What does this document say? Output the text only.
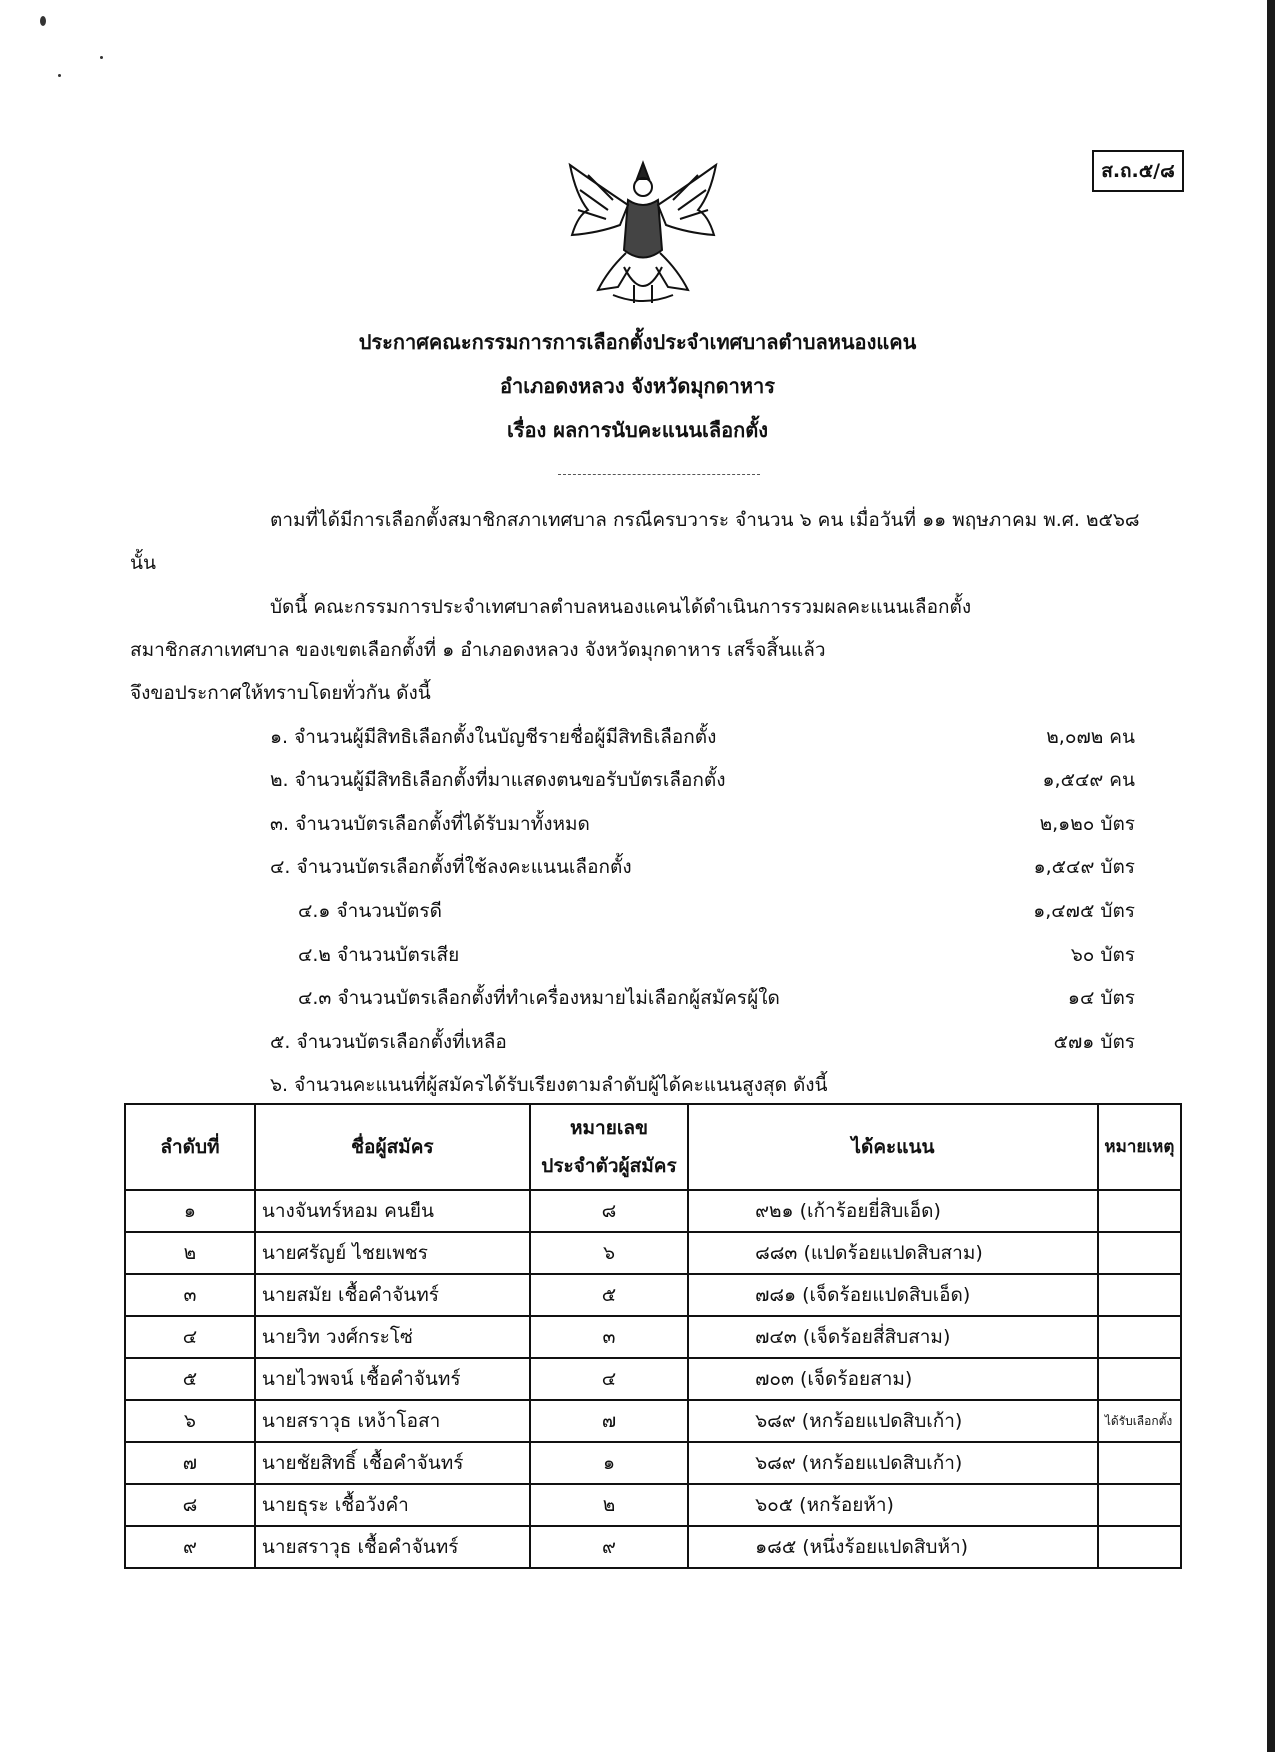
ส.ถ.๕/๘
ประกาศคณะกรรมการการเลือกตั้งประจำเทศบาลตำบลหนองแคน
อำเภอดงหลวง จังหวัดมุกดาหาร
เรื่อง ผลการนับคะแนนเลือกตั้ง
ตามที่ได้มีการเลือกตั้งสมาชิกสภาเทศบาล กรณีครบวาระ จำนวน ๖ คน เมื่อวันที่ ๑๑ พฤษภาคม พ.ศ. ๒๕๖๘
นั้น
บัดนี้ คณะกรรมการประจำเทศบาลตำบลหนองแคนได้ดำเนินการรวมผลคะแนนเลือกตั้ง
สมาชิกสภาเทศบาล ของเขตเลือกตั้งที่ ๑ อำเภอดงหลวง จังหวัดมุกดาหาร เสร็จสิ้นแล้ว
จึงขอประกาศให้ทราบโดยทั่วกัน ดังนี้
๑. จำนวนผู้มีสิทธิเลือกตั้งในบัญชีรายชื่อผู้มีสิทธิเลือกตั้ง	๒,๐๗๒ คน
๒. จำนวนผู้มีสิทธิเลือกตั้งที่มาแสดงตนขอรับบัตรเลือกตั้ง	๑,๕๔๙ คน
๓. จำนวนบัตรเลือกตั้งที่ได้รับมาทั้งหมด	๒,๑๒๐ บัตร
๔. จำนวนบัตรเลือกตั้งที่ใช้ลงคะแนนเลือกตั้ง	๑,๕๔๙ บัตร
๔.๑ จำนวนบัตรดี	๑,๔๗๕ บัตร
๔.๒ จำนวนบัตรเสีย	๖๐ บัตร
๔.๓ จำนวนบัตรเลือกตั้งที่ทำเครื่องหมายไม่เลือกผู้สมัครผู้ใด	๑๔ บัตร
๕. จำนวนบัตรเลือกตั้งที่เหลือ	๕๗๑ บัตร
๖. จำนวนคะแนนที่ผู้สมัครได้รับเรียงตามลำดับผู้ได้คะแนนสูงสุด ดังนี้
ลำดับที่	ชื่อผู้สมัคร	หมายเลข
ประจำตัวผู้สมัคร	ได้คะแนน	หมายเหตุ
๑	นางจันทร์หอม คนยืน	๘	๙๒๑ (เก้าร้อยยี่สิบเอ็ด)	
๒	นายศรัญย์ ไชยเพชร	๖	๘๘๓ (แปดร้อยแปดสิบสาม)	
๓	นายสมัย เชื้อคำจันทร์	๕	๗๘๑ (เจ็ดร้อยแปดสิบเอ็ด)	
๔	นายวิท วงศ์กระโซ่	๓	๗๔๓ (เจ็ดร้อยสี่สิบสาม)	
๕	นายไวพจน์ เชื้อคำจันทร์	๔	๗๐๓ (เจ็ดร้อยสาม)	
๖	นายสราวุธ เหง้าโอสา	๗	๖๘๙ (หกร้อยแปดสิบเก้า)	ได้รับเลือกตั้ง
๗	นายชัยสิทธิ์ เชื้อคำจันทร์	๑	๖๘๙ (หกร้อยแปดสิบเก้า)	
๘	นายธุระ เชื้อวังคำ	๒	๖๐๕ (หกร้อยห้า)	
๙	นายสราวุธ เชื้อคำจันทร์	๙	๑๘๕ (หนึ่งร้อยแปดสิบห้า)	
